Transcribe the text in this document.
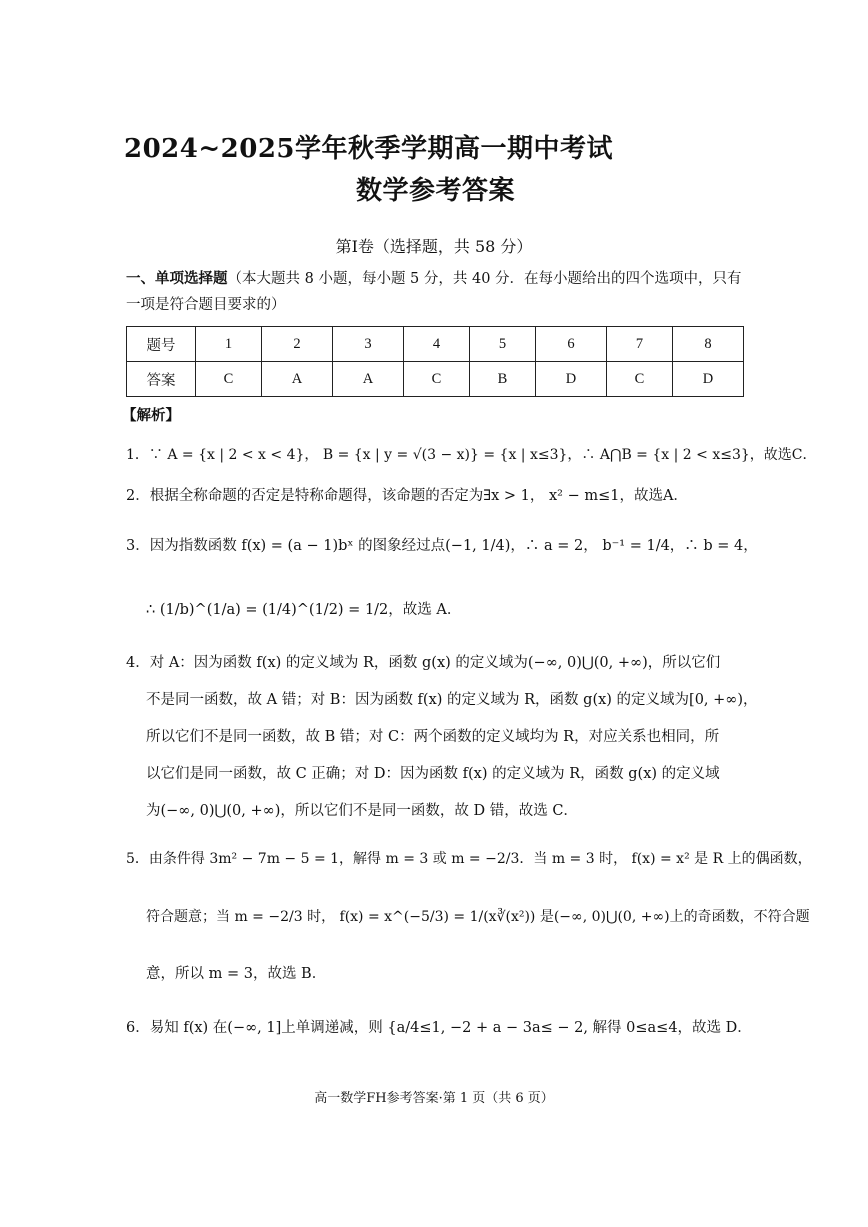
2024~2025学年秋季学期高一期中考试
数学参考答案
第Ⅰ卷（选择题，共 58 分）
一、单项选择题（本大题共 8 小题，每小题 5 分，共 40 分．在每小题给出的四个选项中，只有一项是符合题目要求的）
题号	1	2	3	4	5	6	7	8
答案	C	A	A	C	B	D	C	D
【解析】
1．∵ A = {x | 2 < x < 4}， B = {x | y = √(3 − x)} = {x | x≤3}，∴ A⋂B = {x | 2 < x≤3}，故选C．
2．根据全称命题的否定是特称命题得，该命题的否定为∃x > 1， x² − m≤1，故选A．
3．因为指数函数 f(x) = (a − 1)bˣ 的图象经过点(−1, 1/4)，∴ a = 2， b⁻¹ = 1/4，∴ b = 4，
∴ (1/b)^(1/a) = (1/4)^(1/2) = 1/2，故选 A．
4．对 A：因为函数 f(x) 的定义域为 R，函数 g(x) 的定义域为(−∞, 0)⋃(0, +∞)，所以它们
不是同一函数，故 A 错；对 B：因为函数 f(x) 的定义域为 R，函数 g(x) 的定义域为[0, +∞)，
所以它们不是同一函数，故 B 错；对 C：两个函数的定义域均为 R，对应关系也相同，所
以它们是同一函数，故 C 正确；对 D：因为函数 f(x) 的定义域为 R，函数 g(x) 的定义域
为(−∞, 0)⋃(0, +∞)，所以它们不是同一函数，故 D 错，故选 C．
5．由条件得 3m² − 7m − 5 = 1，解得 m = 3 或 m = −2/3．当 m = 3 时， f(x) = x² 是 R 上的偶函数，
符合题意；当 m = −2/3 时， f(x) = x^(−5/3) = 1/(x∛(x²)) 是(−∞, 0)⋃(0, +∞)上的奇函数，不符合题
意，所以 m = 3，故选 B．
6．易知 f(x) 在(−∞, 1]上单调递减，则 {a/4≤1, −2 + a − 3a≤ − 2, 解得 0≤a≤4，故选 D．
高一数学FH参考答案·第 1 页（共 6 页）
